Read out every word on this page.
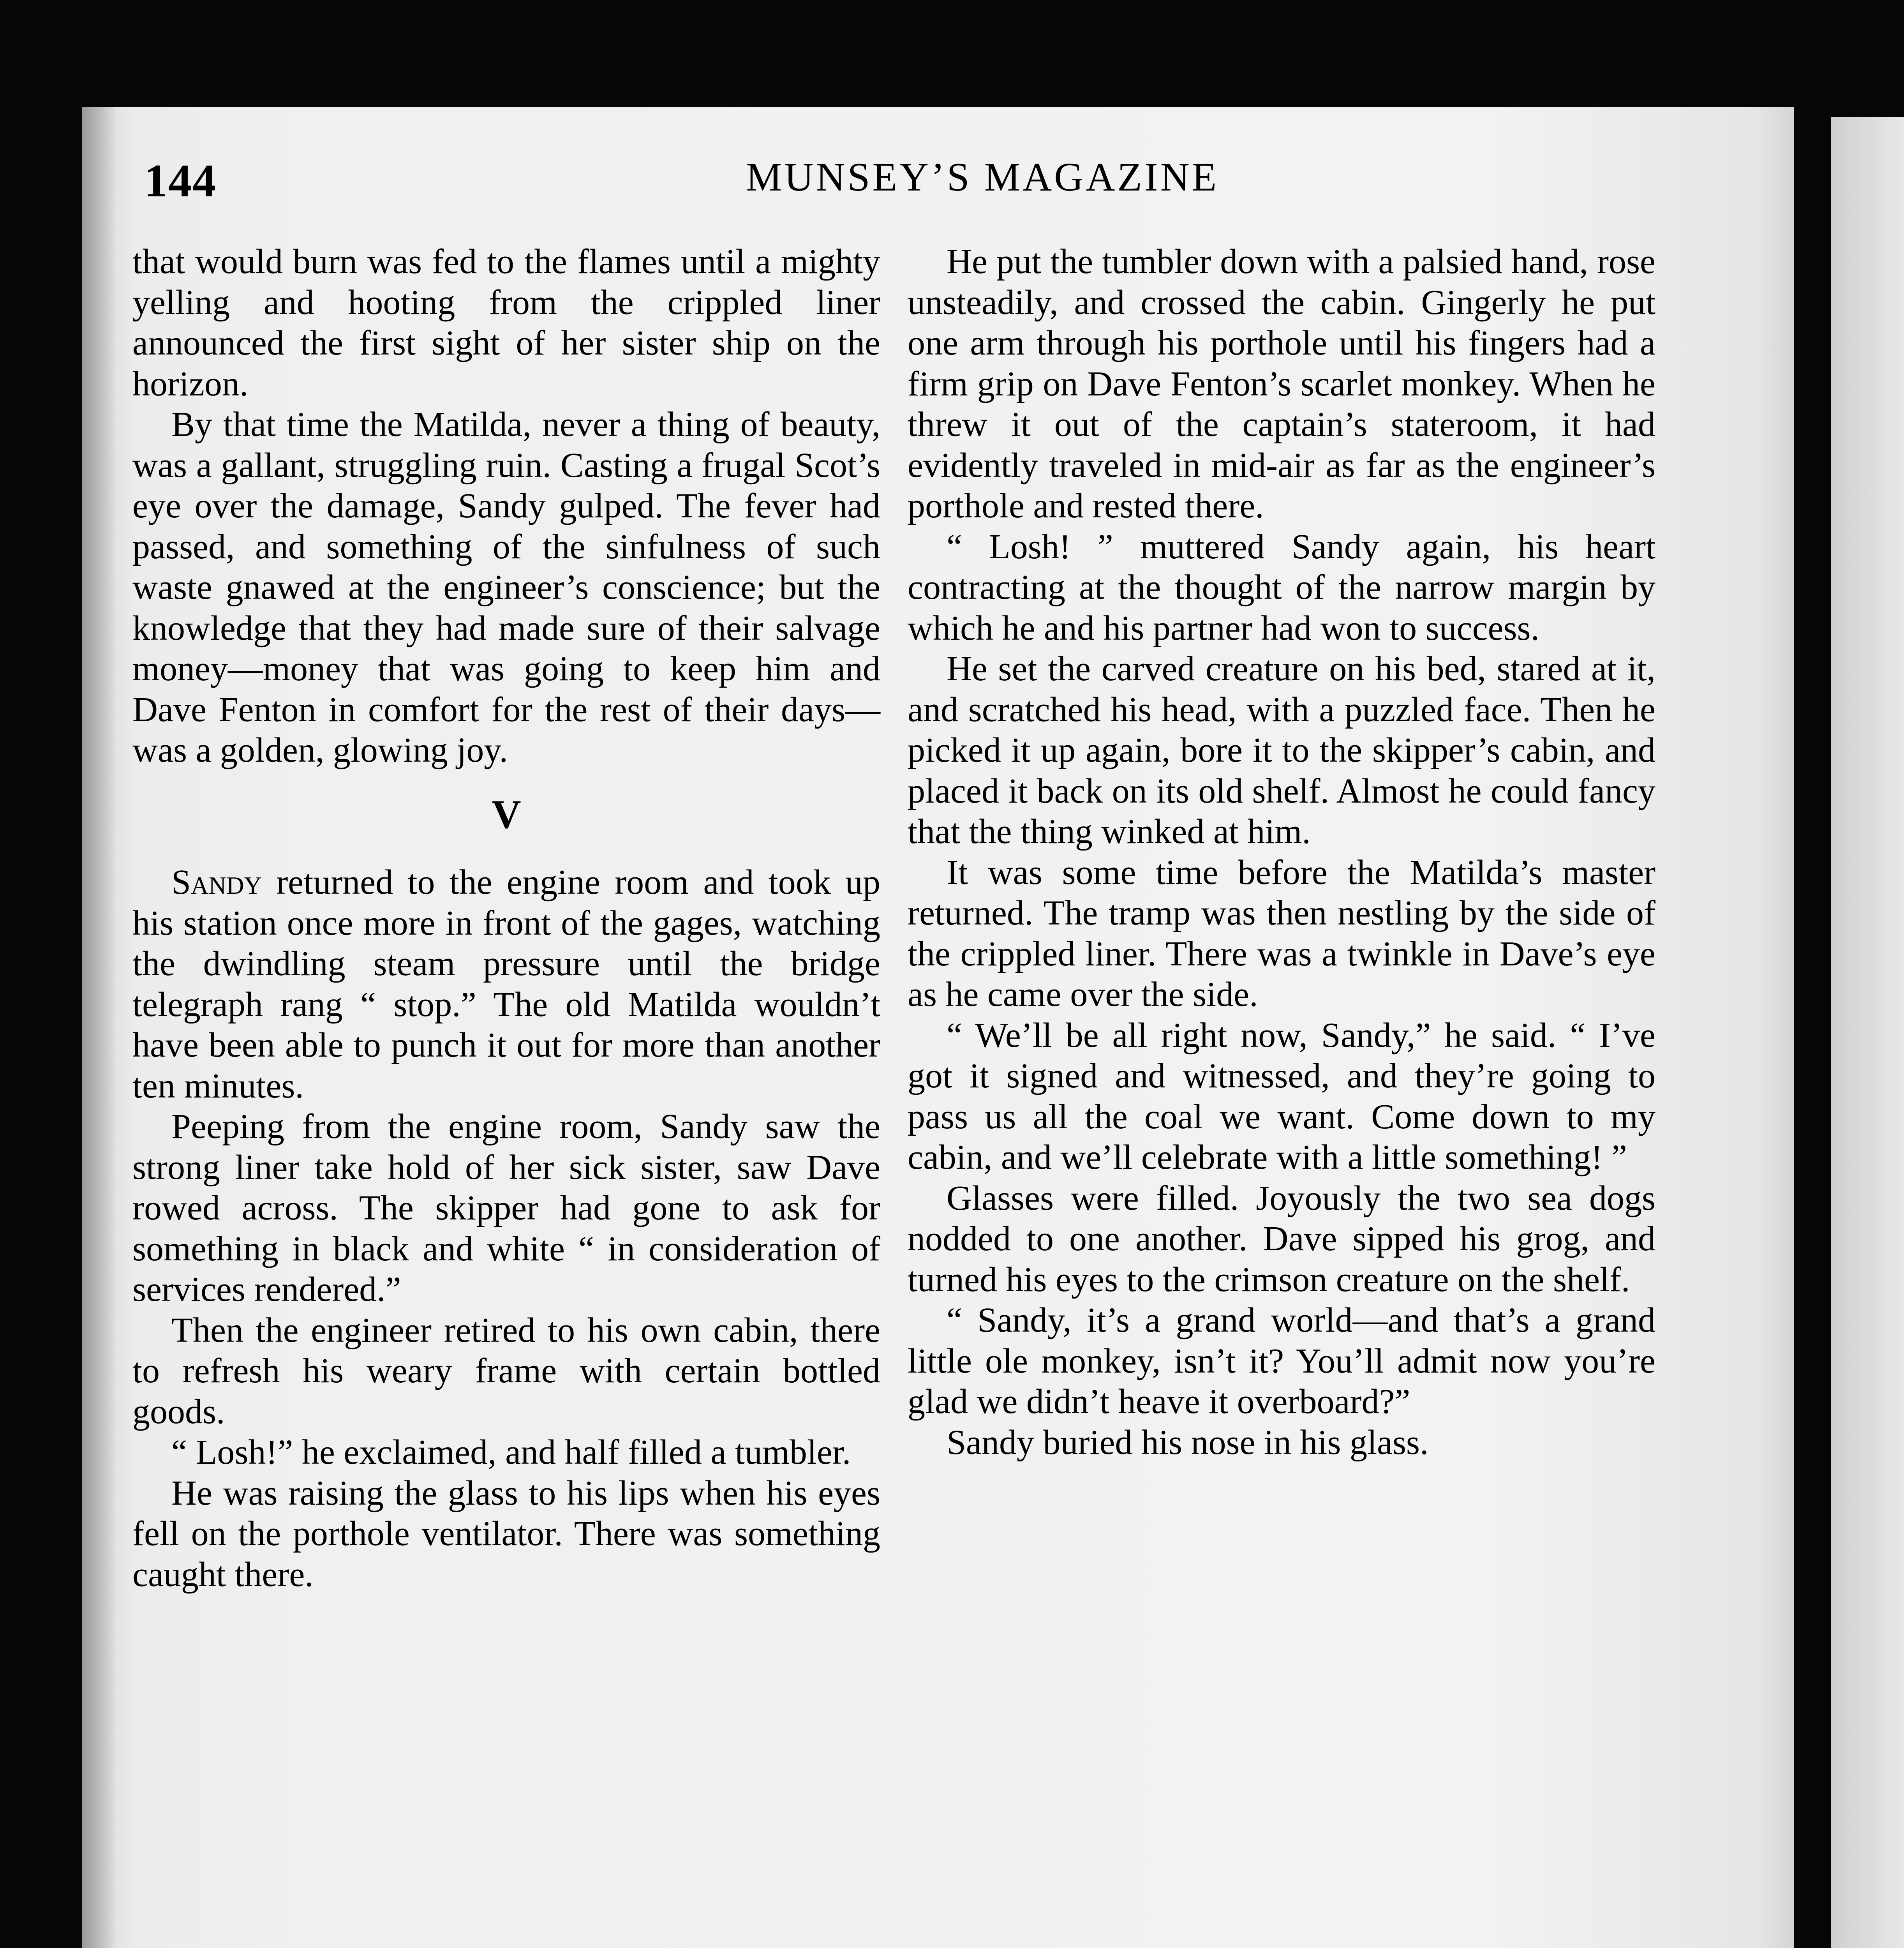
144	MUNSEY’S MAGAZINE

that would burn was fed to the flames until a mighty yelling and hooting from the crippled liner announced the first sight of her sister ship on the horizon.

By that time the Matilda, never a thing of beauty, was a gallant, struggling ruin. Casting a frugal Scot’s eye over the damage, Sandy gulped. The fever had passed, and something of the sinfulness of such waste gnawed at the engineer’s conscience; but the knowledge that they had made sure of their salvage money—money that was going to keep him and Dave Fenton in comfort for the rest of their days—was a golden, glowing joy.

V

Sandy returned to the engine room and took up his station once more in front of the gages, watching the dwindling steam pressure until the bridge telegraph rang “ stop.” The old Matilda wouldn’t have been able to punch it out for more than another ten minutes.

Peeping from the engine room, Sandy saw the strong liner take hold of her sick sister, saw Dave rowed across. The skipper had gone to ask for something in black and white “ in consideration of services rendered.”

Then the engineer retired to his own cabin, there to refresh his weary frame with certain bottled goods.

“ Losh!” he exclaimed, and half filled a tumbler.

He was raising the glass to his lips when his eyes fell on the porthole ventilator. There was something caught there.

He put the tumbler down with a palsied hand, rose unsteadily, and crossed the cabin. Gingerly he put one arm through his porthole until his fingers had a firm grip on Dave Fenton’s scarlet monkey. When he threw it out of the captain’s stateroom, it had evidently traveled in mid-air as far as the engineer’s porthole and rested there.

“ Losh! ” muttered Sandy again, his heart contracting at the thought of the narrow margin by which he and his partner had won to success.

He set the carved creature on his bed, stared at it, and scratched his head, with a puzzled face. Then he picked it up again, bore it to the skipper’s cabin, and placed it back on its old shelf. Almost he could fancy that the thing winked at him.

It was some time before the Matilda’s master returned. The tramp was then nestling by the side of the crippled liner. There was a twinkle in Dave’s eye as he came over the side.

“ We’ll be all right now, Sandy,” he said. “ I’ve got it signed and witnessed, and they’re going to pass us all the coal we want. Come down to my cabin, and we’ll celebrate with a little something! ”

Glasses were filled. Joyously the two sea dogs nodded to one another. Dave sipped his grog, and turned his eyes to the crimson creature on the shelf.

“ Sandy, it’s a grand world—and that’s a grand little ole monkey, isn’t it? You’ll admit now you’re glad we didn’t heave it overboard?”

Sandy buried his nose in his glass.
